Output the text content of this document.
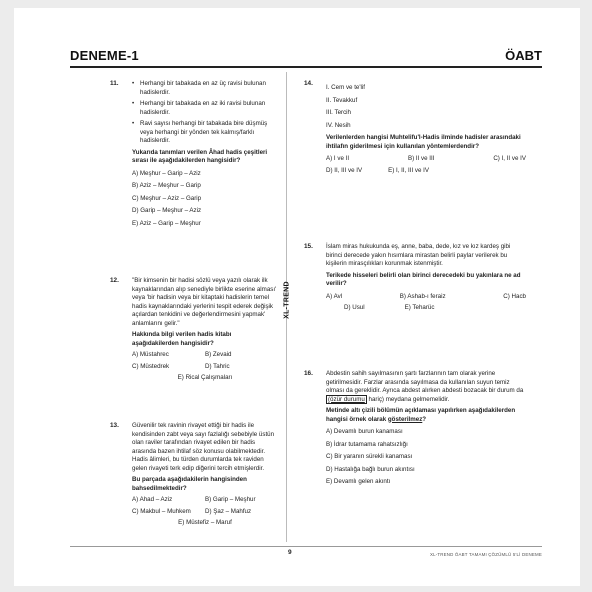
DENEME-1	ÖABT
XL-TREND
11.
•	Herhangi bir tabakada en az üç ravisi bulunan hadislerdir.
• Herhangi bir tabakada en az iki ravisi bulunan hadislerdir.
• Ravi sayısı herhangi bir tabakada bire düşmüş veya herhangi bir yönden tek kalmış/farklı hadislerdir.
Yukarıda tanımları verilen Âhad hadis çeşitleri sırası ile aşağıdakilerden hangisidir?
A) Meşhur – Garip – Aziz
B) Aziz – Meşhur – Garip
C) Meşhur – Aziz – Garip
D) Garip – Meşhur – Aziz
E) Aziz – Garip – Meşhur
12. "Bir kimsenin bir hadisi sözlü veya yazılı olarak ilk kaynaklarından alıp senediyle birlikte eserine alması' veya 'bir hadisin veya bir kitaptaki hadislerin temel hadis kaynaklarındaki yerlerini tespit ederek değişik açılardan tenkidini ve değerlendirmesini yapmak' anlamlarını gelir."
Hakkında bilgi verilen hadis kitabı aşağıdakilerden hangisidir?
A) Müstahrec	B) Zevaid
C) Müstedrek	D) Tahric
E) Rical Çalışmaları
13. Güvenilir tek ravinin rivayet ettiği bir hadis ile kendisinden zabt veya sayı fazlalığı sebebiyle üstün olan raviler tarafından rivayet edilen bir hadis arasında bazen ihtilaf söz konusu olabilmektedir. Hadis âlimleri, bu türden durumlarda tek raviden gelen rivayeti terk edip diğerini tercih etmişlerdir.
Bu parçada aşağıdakilerin hangisinden bahsedilmektedir?
A) Ahad – Aziz	B) Garip – Meşhur
C) Makbul – Muhkem	D) Şaz – Mahfuz
E) Müstefiz – Maruf
14.
I. Cem ve te'lif
II. Tevakkuf
III. Tercih
IV. Nesih
Verilenlerden hangisi Muhtelifu'l-Hadis ilminde hadisler arasındaki ihtilafın giderilmesi için kullanılan yöntemlerdendir?
A) I ve II	B) II ve III	C) I, II ve IV
D) II, III ve IV	E) I, II, III ve IV
15. İslam miras hukukunda eş, anne, baba, dede, kız ve kız kardeş gibi birinci derecede yakın hısımlara mirastan belirli paylar verilerek bu kişilerin mirasçılıkları korunmak istenmiştir.
Terikede hisseleri belirli olan birinci derecedeki bu yakınlara ne ad verilir?
A) Avl	B) Ashab-ı feraiz	C) Hacb
D) Usul	E) Teharüc
16. Abdestin sahih sayılmasının şartı farzlarının tam olarak yerine getirilmesidir. Farzlar arasında sayılmasa da kullanılan suyun temiz olması da gereklidir. Ayrıca abdest alırken abdesti bozacak bir durum da (özür durumu hariç) meydana gelmemelidir.
Metinde altı çizili bölümün açıklaması yapılırken aşağıdakilerden hangisi örnek olarak gösterilmez?
A) Devamlı burun kanaması
B) İdrar tutamama rahatsızlığı
C) Bir yaranın sürekli kanaması
D) Hastalığa bağlı burun akıntısı
E) Devamlı gelen akıntı
9	XL-TREND ÖABT TAMAMI ÇÖZÜMLÜ 5'Lİ DENEME
